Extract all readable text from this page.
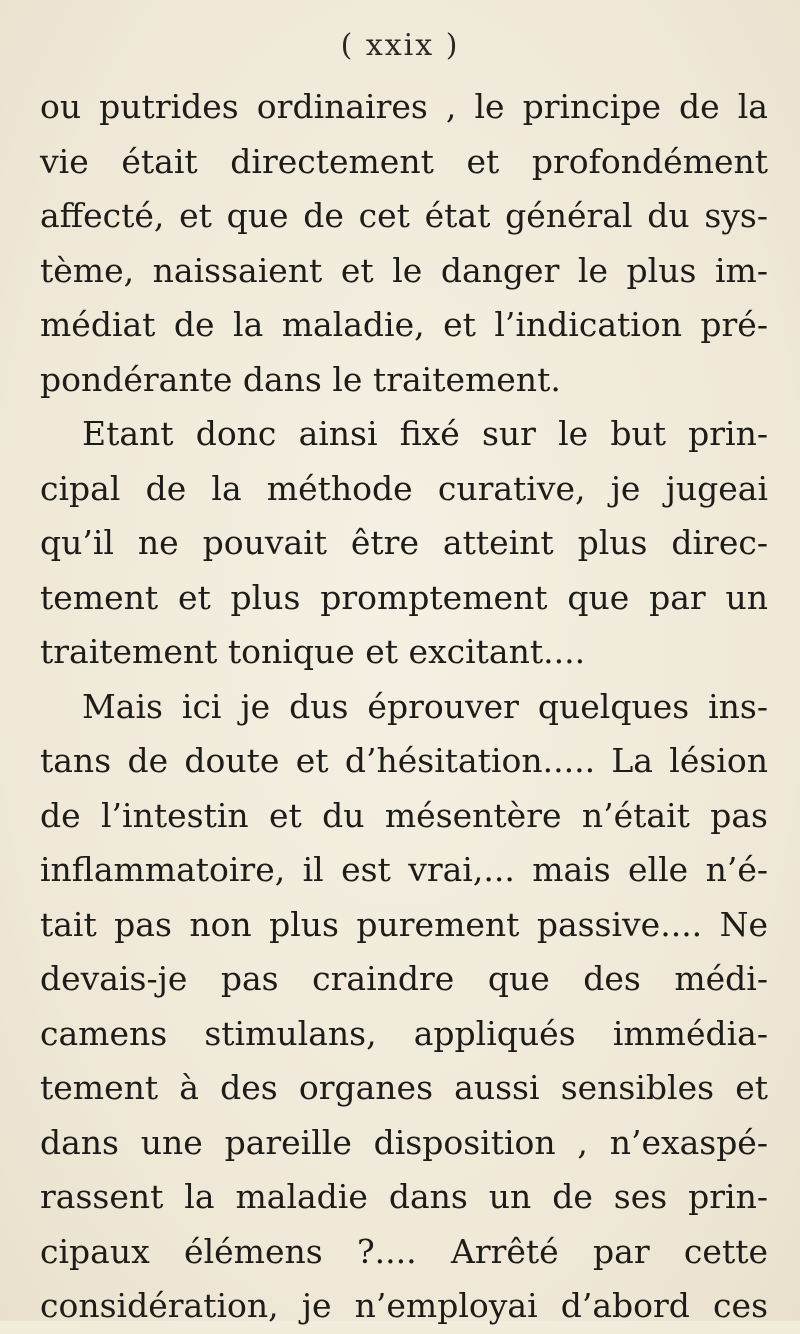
( xxix )
ou putrides ordinaires , le principe de la
vie était directement et profondément
affecté, et que de cet état général du sys-
tème, naissaient et le danger le plus im-
médiat de la maladie, et l’indication pré-
pondérante dans le traitement.
Etant donc ainsi fixé sur le but prin-
cipal de la méthode curative, je jugeai
qu’il ne pouvait être atteint plus direc-
tement et plus promptement que par un
traitement tonique et excitant....
Mais ici je dus éprouver quelques ins-
tans de doute et d’hésitation..... La lésion
de l’intestin et du mésentère n’était pas
inflammatoire, il est vrai,... mais elle n’é-
tait pas non plus purement passive.... Ne
devais-je pas craindre que des médi-
camens stimulans, appliqués immédia-
tement à des organes aussi sensibles et
dans une pareille disposition , n’exaspé-
rassent la maladie dans un de ses prin-
cipaux élémens ?.... Arrêté par cette
considération, je n’employai d’abord ces
